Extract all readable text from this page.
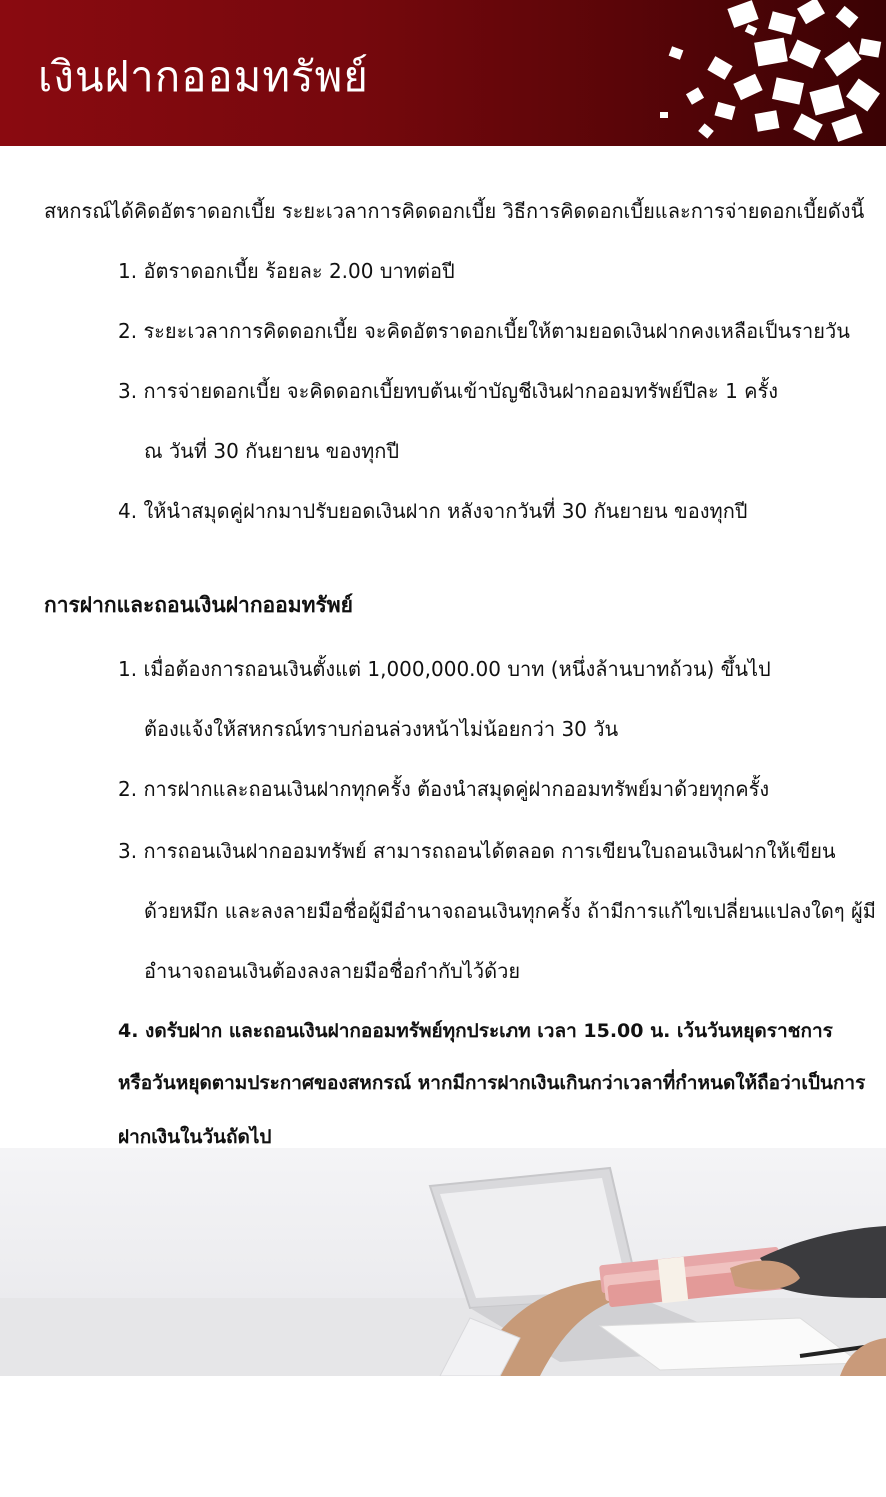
เงินฝากออมทรัพย์
สหกรณ์ได้คิดอัตราดอกเบี้ย ระยะเวลาการคิดดอกเบี้ย วิธีการคิดดอกเบี้ยและการจ่ายดอกเบี้ยดังนี้
1. อัตราดอกเบี้ย ร้อยละ 2.00 บาทต่อปี
2. ระยะเวลาการคิดดอกเบี้ย จะคิดอัตราดอกเบี้ยให้ตามยอดเงินฝากคงเหลือเป็นรายวัน
3. การจ่ายดอกเบี้ย จะคิดดอกเบี้ยทบต้นเข้าบัญชีเงินฝากออมทรัพย์ปีละ 1 ครั้ง
ณ วันที่ 30 กันยายน ของทุกปี
4. ให้นำสมุดคู่ฝากมาปรับยอดเงินฝาก หลังจากวันที่ 30 กันยายน ของทุกปี
การฝากและถอนเงินฝากออมทรัพย์
1. เมื่อต้องการถอนเงินตั้งแต่ 1,000,000.00 บาท (หนึ่งล้านบาทถ้วน) ขึ้นไป
ต้องแจ้งให้สหกรณ์ทราบก่อนล่วงหน้าไม่น้อยกว่า 30 วัน
2. การฝากและถอนเงินฝากทุกครั้ง ต้องนำสมุดคู่ฝากออมทรัพย์มาด้วยทุกครั้ง
3. การถอนเงินฝากออมทรัพย์ สามารถถอนได้ตลอด การเขียนใบถอนเงินฝากให้เขียน
ด้วยหมึก และลงลายมือชื่อผู้มีอำนาจถอนเงินทุกครั้ง ถ้ามีการแก้ไขเปลี่ยนแปลงใดๆ ผู้มี
อำนาจถอนเงินต้องลงลายมือชื่อกำกับไว้ด้วย
4. งดรับฝาก และถอนเงินฝากออมทรัพย์ทุกประเภท เวลา 15.00 น. เว้นวันหยุดราชการ
หรือวันหยุดตามประกาศของสหกรณ์ หากมีการฝากเงินเกินกว่าเวลาที่กำหนดให้ถือว่าเป็นการ
ฝากเงินในวันถัดไป
